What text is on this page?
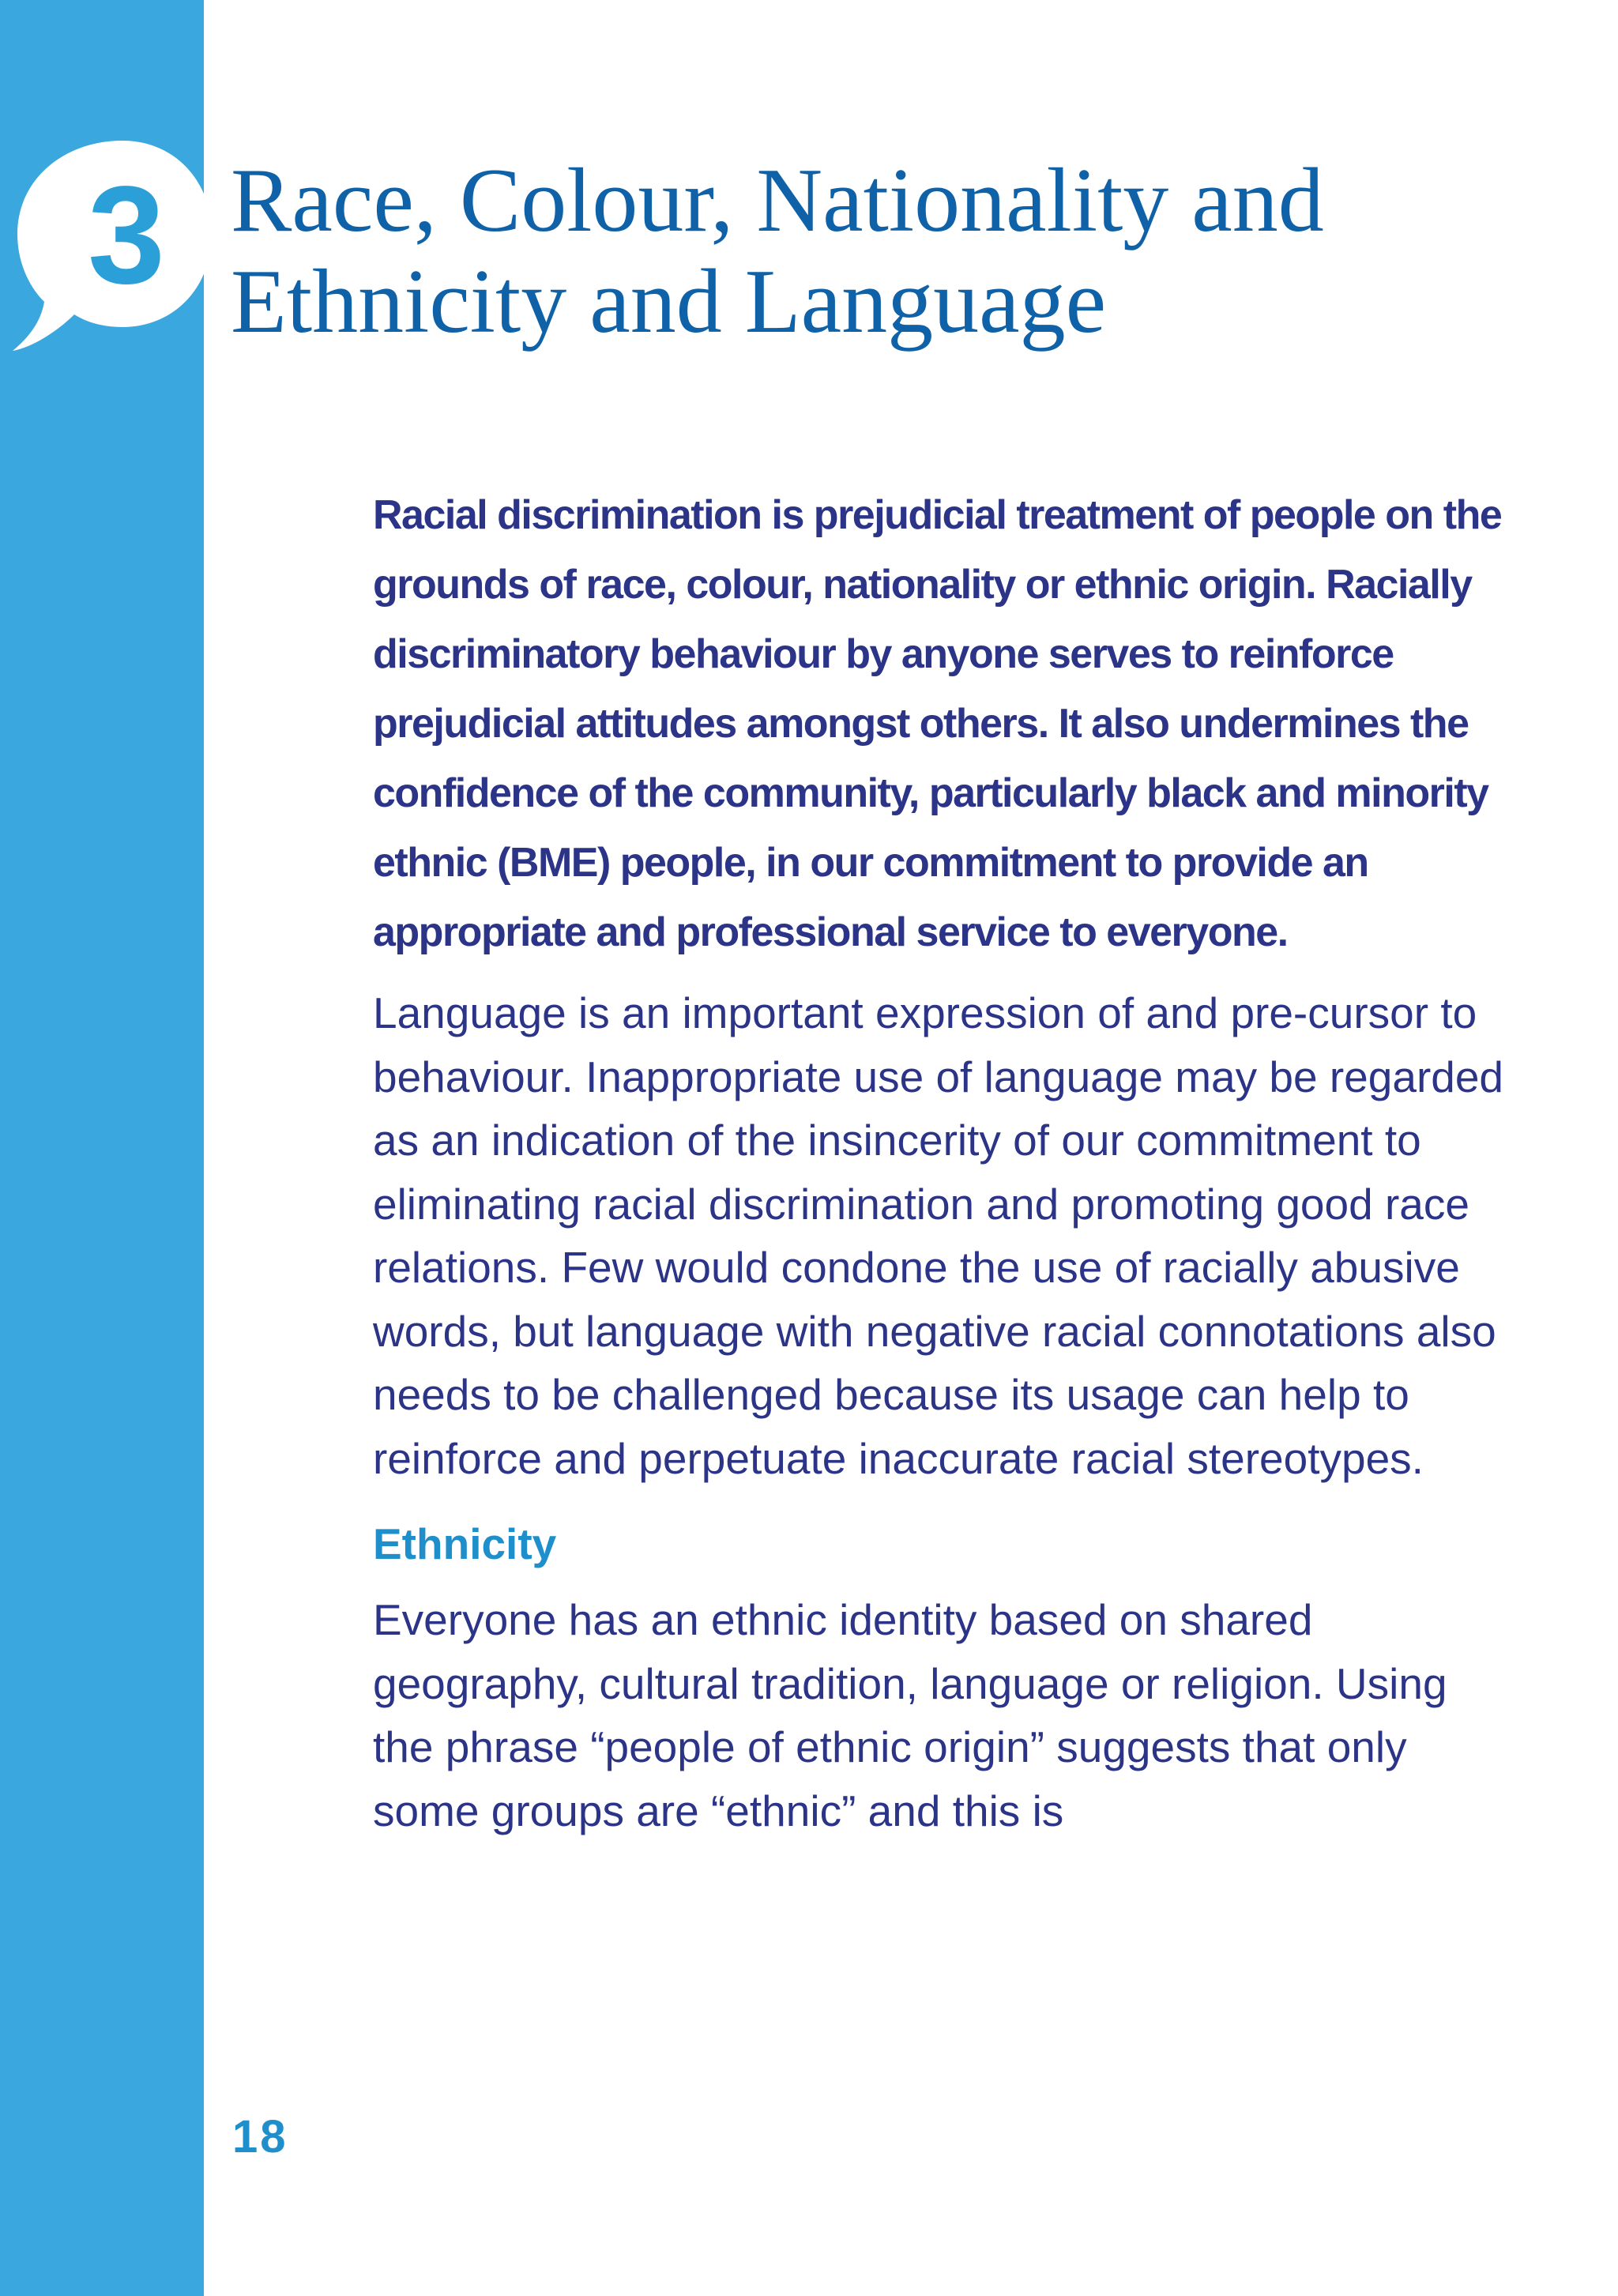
3 Race, Colour, Nationality and
Ethnicity and Language

Racial discrimination is prejudicial treatment of people on the grounds of race, colour, nationality or ethnic origin. Racially discriminatory behaviour by anyone serves to reinforce prejudicial attitudes amongst others. It also undermines the confidence of the community, particularly black and minority ethnic (BME) people, in our commitment to provide an appropriate and professional service to everyone.

Language is an important expression of and pre-cursor to behaviour. Inappropriate use of language may be regarded as an indication of the insincerity of our commitment to eliminating racial discrimination and promoting good race relations. Few would condone the use of racially abusive words, but language with negative racial connotations also needs to be challenged because its usage can help to reinforce and perpetuate inaccurate racial stereotypes.

Ethnicity

Everyone has an ethnic identity based on shared geography, cultural tradition, language or religion. Using the phrase “people of ethnic origin” suggests that only some groups are “ethnic” and this is

18
